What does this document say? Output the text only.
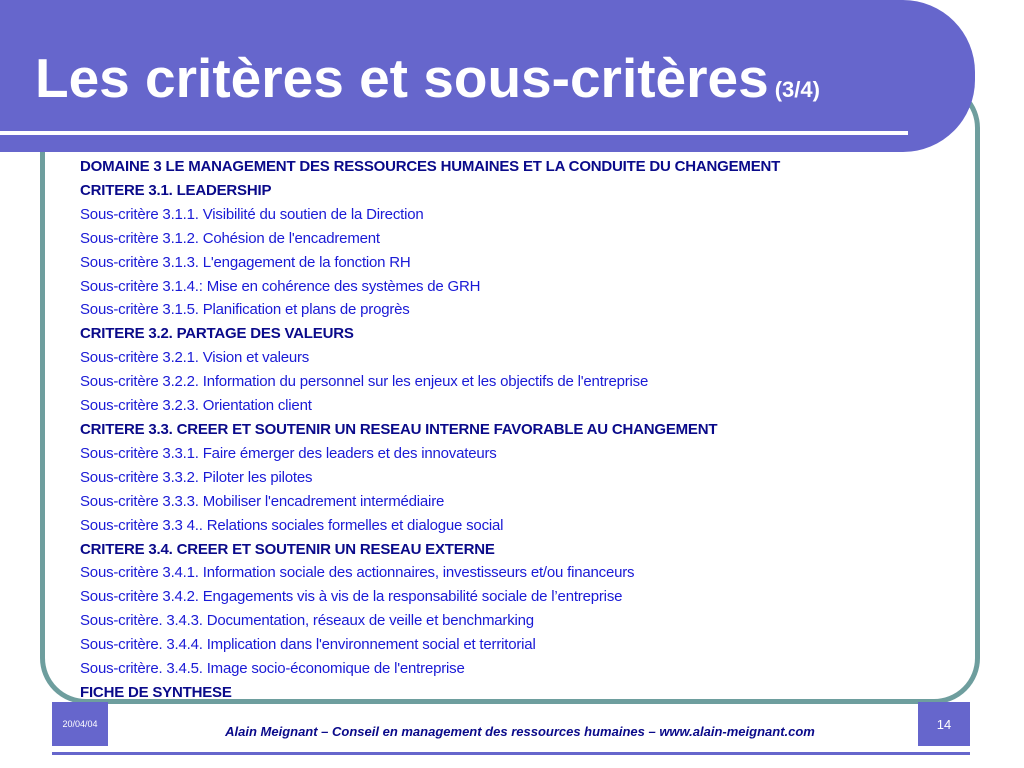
Les critères et sous-critères (3/4)
DOMAINE 3 LE MANAGEMENT DES RESSOURCES HUMAINES ET LA CONDUITE DU CHANGEMENT
CRITERE 3.1. LEADERSHIP
Sous-critère 3.1.1. Visibilité du soutien de la Direction
Sous-critère 3.1.2. Cohésion de l'encadrement
Sous-critère 3.1.3. L'engagement de la fonction RH
Sous-critère 3.1.4.: Mise en cohérence des systèmes de GRH
Sous-critère 3.1.5. Planification et plans de progrès
CRITERE 3.2. PARTAGE DES VALEURS
Sous-critère 3.2.1. Vision et valeurs
Sous-critère 3.2.2. Information du personnel sur les enjeux et les objectifs de l'entreprise
Sous-critère 3.2.3. Orientation client
CRITERE 3.3. CREER ET SOUTENIR UN RESEAU INTERNE FAVORABLE AU CHANGEMENT
Sous-critère 3.3.1. Faire émerger des leaders et des innovateurs
Sous-critère 3.3.2. Piloter les pilotes
Sous-critère 3.3.3. Mobiliser l'encadrement intermédiaire
Sous-critère 3.3 4.. Relations sociales formelles et dialogue social
CRITERE 3.4. CREER ET SOUTENIR UN RESEAU EXTERNE
Sous-critère 3.4.1. Information sociale des actionnaires, investisseurs et/ou financeurs
Sous-critère 3.4.2. Engagements vis à vis de la responsabilité sociale de l’entreprise
Sous-critère. 3.4.3. Documentation, réseaux de veille et benchmarking
Sous-critère. 3.4.4. Implication dans l'environnement social et territorial
Sous-critère. 3.4.5. Image socio-économique de l'entreprise
FICHE DE SYNTHESE
20/04/04	Alain Meignant – Conseil en management des ressources humaines – www.alain-meignant.com	14
